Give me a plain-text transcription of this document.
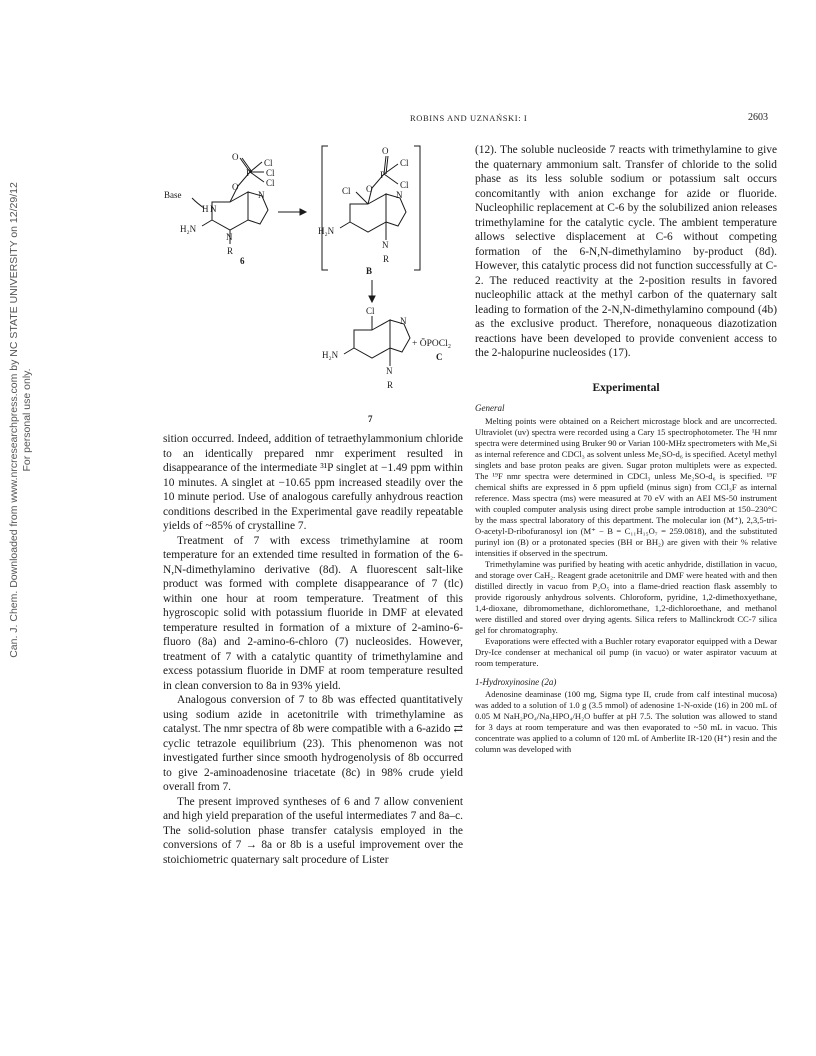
ROBINS AND UZNAŃSKI: I	2603
Can. J. Chem. Downloaded from www.nrcresearchpress.com by NC STATE UNIVERSITY on 12/29/12 For personal use only.
O
P
Cl
Cl
Cl
O
Base
H N
H₂N
N
N
R
6
O
P
Cl
Cl
O
Cl
H₂N
N
N
R
B
Cl
N
H₂N
N
R
+ ŌPOCl₂
C
7

sition occurred. Indeed, addition of tetraethylammonium chloride to an identically prepared nmr experiment resulted in disappearance of the intermediate ³¹P singlet at −1.49 ppm within 10 minutes. A singlet at −10.65 ppm increased steadily over the 10 minute period. Use of analogous carefully anhydrous reaction conditions described in the Experimental gave readily repeatable yields of ~85% of crystalline 7.

Treatment of 7 with excess trimethylamine at room temperature for an extended time resulted in formation of the 6-N,N-dimethylamino derivative (8d). A fluorescent salt-like product was formed with complete disappearance of 7 (tlc) within one hour at room temperature. Treatment of this hygroscopic solid with potassium fluoride in DMF at elevated temperature resulted in formation of a mixture of 2-amino-6-fluoro (8a) and 2-amino-6-chloro (7) nucleosides. However, treatment of 7 with a catalytic quantity of trimethylamine and excess potassium fluoride in DMF at room temperature resulted in clean conversion to 8a in 93% yield.

Analogous conversion of 7 to 8b was effected quantitatively using sodium azide in acetonitrile with trimethylamine as catalyst. The nmr spectra of 8b were compatible with a 6-azido ⇄ cyclic tetrazole equilibrium (23). This phenomenon was not investigated further since smooth hydrogenolysis of 8b occurred to give 2-aminoadenosine triacetate (8c) in 98% crude yield overall from 7.

The present improved syntheses of 6 and 7 allow convenient and high yield preparation of the useful intermediates 7 and 8a–c. The solid-solution phase transfer catalysis employed in the conversions of 7 → 8a or 8b is a useful improvement over the stoichiometric quaternary salt procedure of Lister

(12). The soluble nucleoside 7 reacts with trimethylamine to give the quaternary ammonium salt. Transfer of chloride to the solid phase as its less soluble sodium or potassium salt occurs concomitantly with anion exchange for azide or fluoride. Nucleophilic replacement at C-6 by the solubilized anion releases trimethylamine for the catalytic cycle. The ambient temperature allows selective displacement at C-6 without competing formation of the 6-N,N-dimethylamino by-product (8d). However, this catalytic process did not function successfully at C-2. The reduced reactivity at the 2-position results in favored nucleophilic attack at the methyl carbon of the quaternary salt leading to formation of the 2-N,N-dimethylamino compound (4b) as the exclusive product. Therefore, nonaqueous diazotization reactions have been developed to provide convenient access to the 2-halopurine nucleosides (17).

Experimental

General

Melting points were obtained on a Reichert microstage block and are uncorrected. Ultraviolet (uv) spectra were recorded using a Cary 15 spectrophotometer. The ¹H nmr spectra were determined using Bruker 90 or Varian 100-MHz spectrometers with Me₄Si as internal reference and CDCl₃ as solvent unless Me₂SO-d₆ is specified. Acetyl methyl singlets and base proton peaks are given. Sugar proton multiplets were as expected. The ¹⁹F nmr spectra were determined in CDCl₃ unless Me₂SO-d₆ is specified. ¹⁹F chemical shifts are expressed in δ ppm upfield (minus sign) from CCl₃F as internal reference. Mass spectra (ms) were measured at 70 eV with an AEI MS-50 instrument with coupled computer analysis using direct probe sample introduction at 150–230°C by the mass spectral laboratory of this department. The molecular ion (M⁺), 2,3,5-tri-O-acetyl-D-ribofuranosyl ion (M⁺ − B = C₁₁H₁₅O₇ = 259.0818), and the substituted purinyl ion (B) or a protonated species (BH or BH₂) are given with their % relative intensities if observed in the spectrum.

Trimethylamine was purified by heating with acetic anhydride, distillation in vacuo, and storage over CaH₂. Reagent grade acetonitrile and DMF were heated with and then distilled directly in vacuo from P₂O₅ into a flame-dried reaction flask assembly to provide rigorously anhydrous solvents. Chloroform, pyridine, 1,2-dimethoxyethane, 1,4-dioxane, dibromomethane, dichloromethane, 1,2-dichloroethane, and methanol were distilled and stored over drying agents. Silica refers to Mallinckrodt CC-7 silica gel for chromatography.

Evaporations were effected with a Buchler rotary evaporator equipped with a Dewar Dry-Ice condenser at mechanical oil pump (in vacuo) or water aspirator vacuum at room temperature.

1-Hydroxyinosine (2a)

Adenosine deaminase (100 mg, Sigma type II, crude from calf intestinal mucosa) was added to a solution of 1.0 g (3.5 mmol) of adenosine 1-N-oxide (16) in 200 mL of 0.05 M NaH₂PO₄/Na₂HPO₄/H₂O buffer at pH 7.5. The solution was allowed to stand for 3 days at room temperature and was then evaporated to ~50 mL in vacuo. This concentrate was applied to a column of 120 mL of Amberlite IR-120 (H⁺) resin and the column was developed with
